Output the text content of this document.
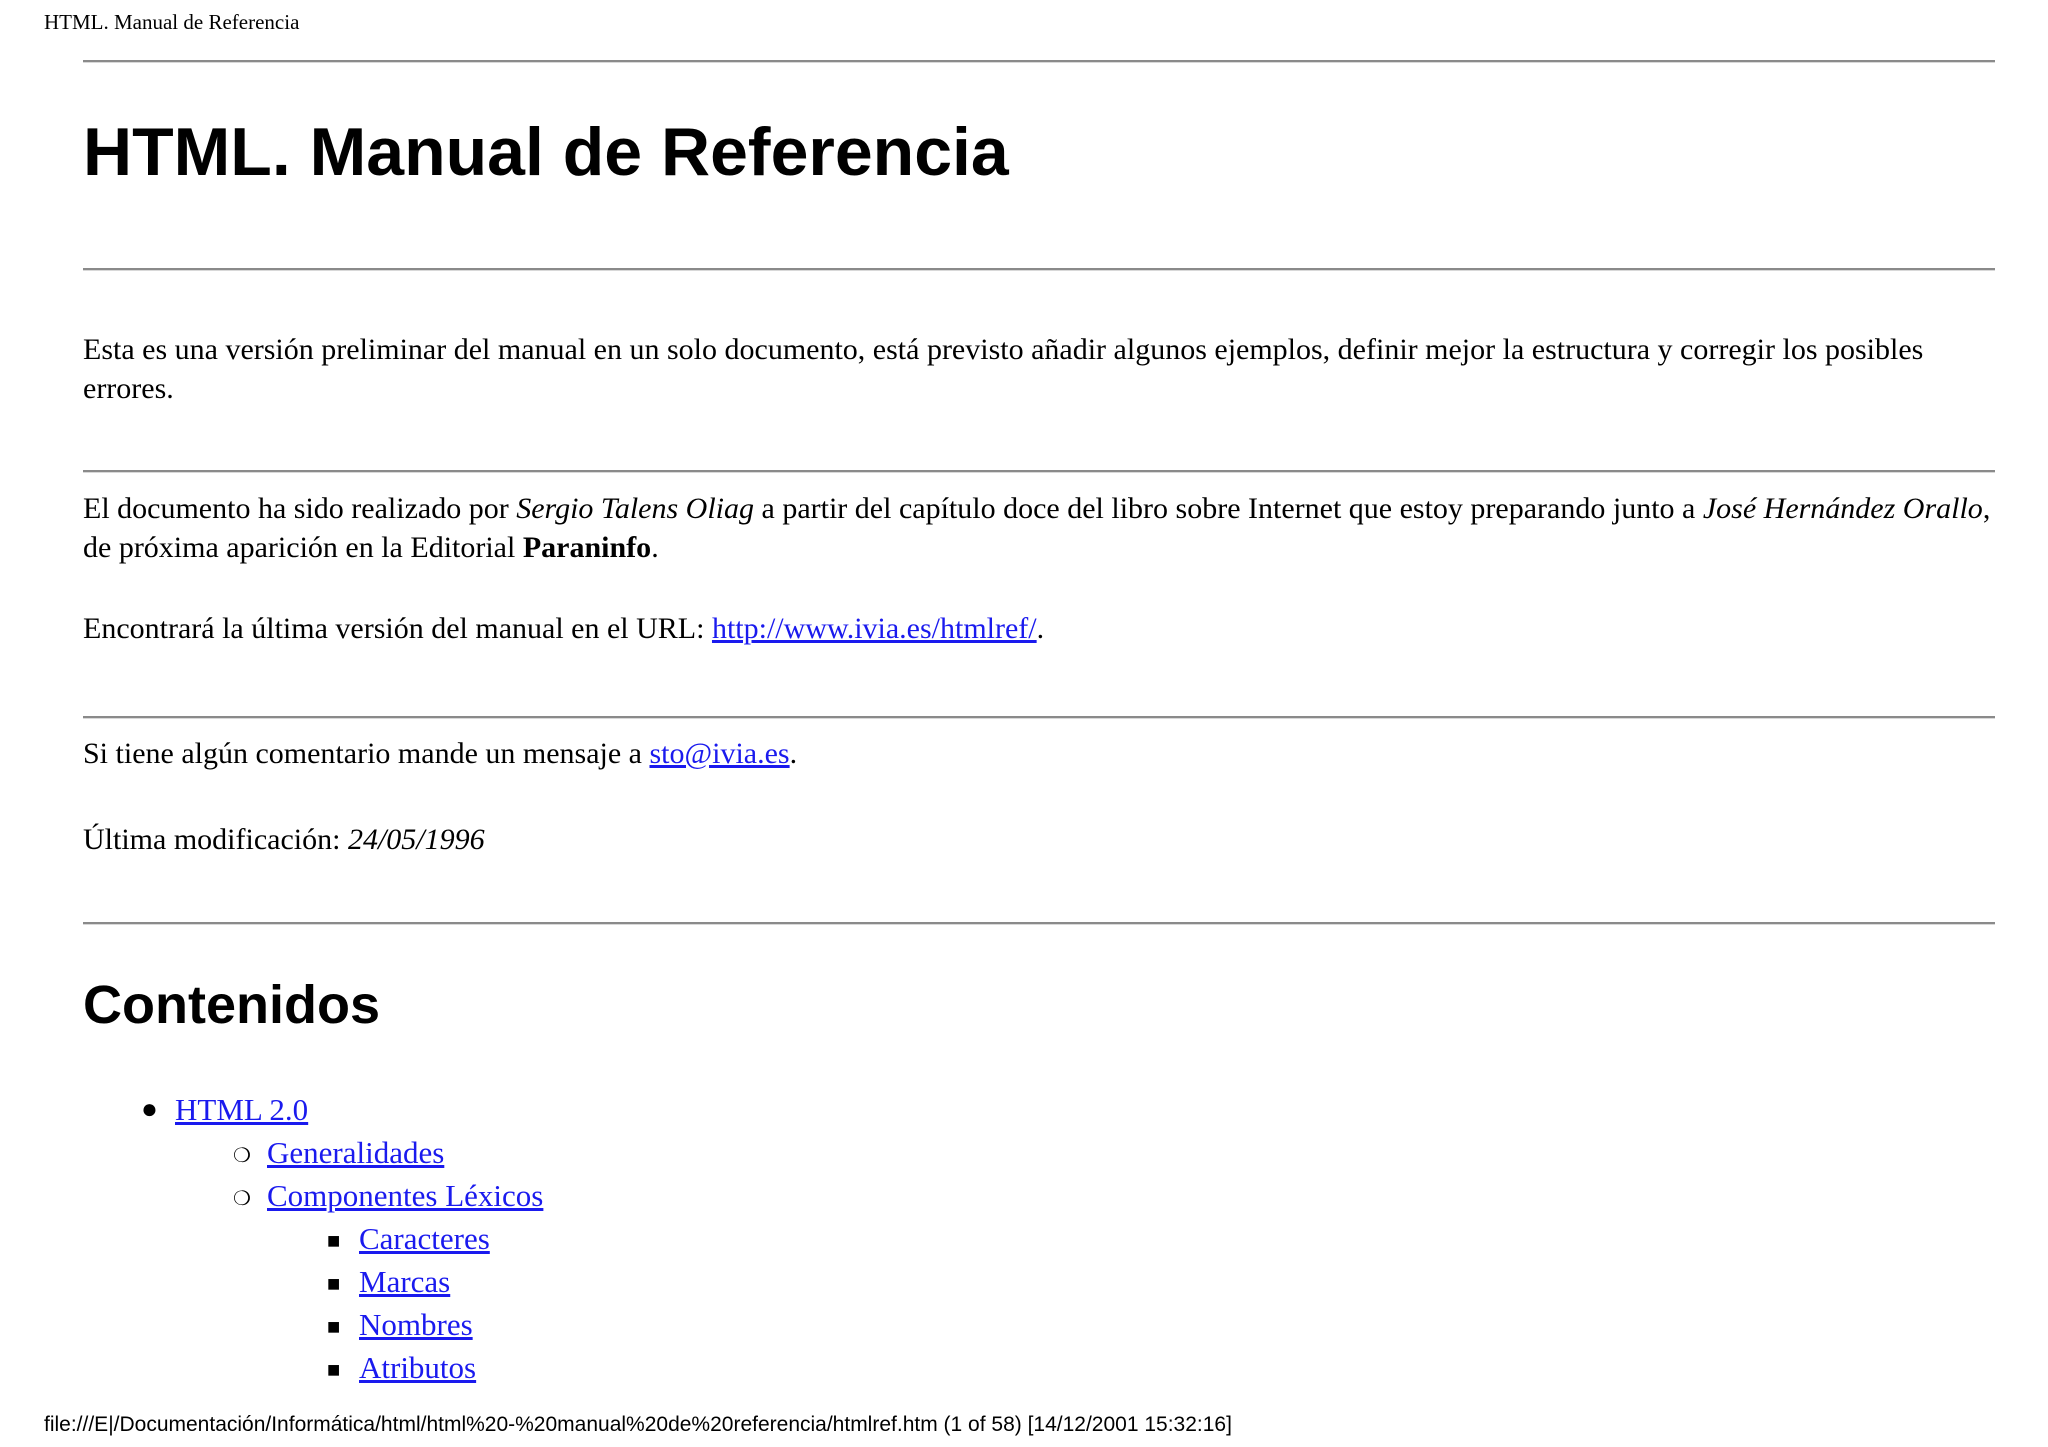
HTML. Manual de Referencia
HTML. Manual de Referencia

Esta es una versión preliminar del manual en un solo documento, está previsto añadir algunos ejemplos, definir mejor la estructura y corregir los posibles errores.

El documento ha sido realizado por Sergio Talens Oliag a partir del capítulo doce del libro sobre Internet que estoy preparando junto a José Hernández Orallo, de próxima aparición en la Editorial Paraninfo.

Encontrará la última versión del manual en el URL: http://www.ivia.es/htmlref/.

Si tiene algún comentario mande un mensaje a sto@ivia.es.

Última modificación: 24/05/1996

Contenidos
● HTML 2.0
❍ Generalidades
❍ Componentes Léxicos
■ Caracteres
■ Marcas
■ Nombres
■ Atributos
file:///E|/Documentación/Informática/html/html%20-%20manual%20de%20referencia/htmlref.htm (1 of 58) [14/12/2001 15:32:16]
